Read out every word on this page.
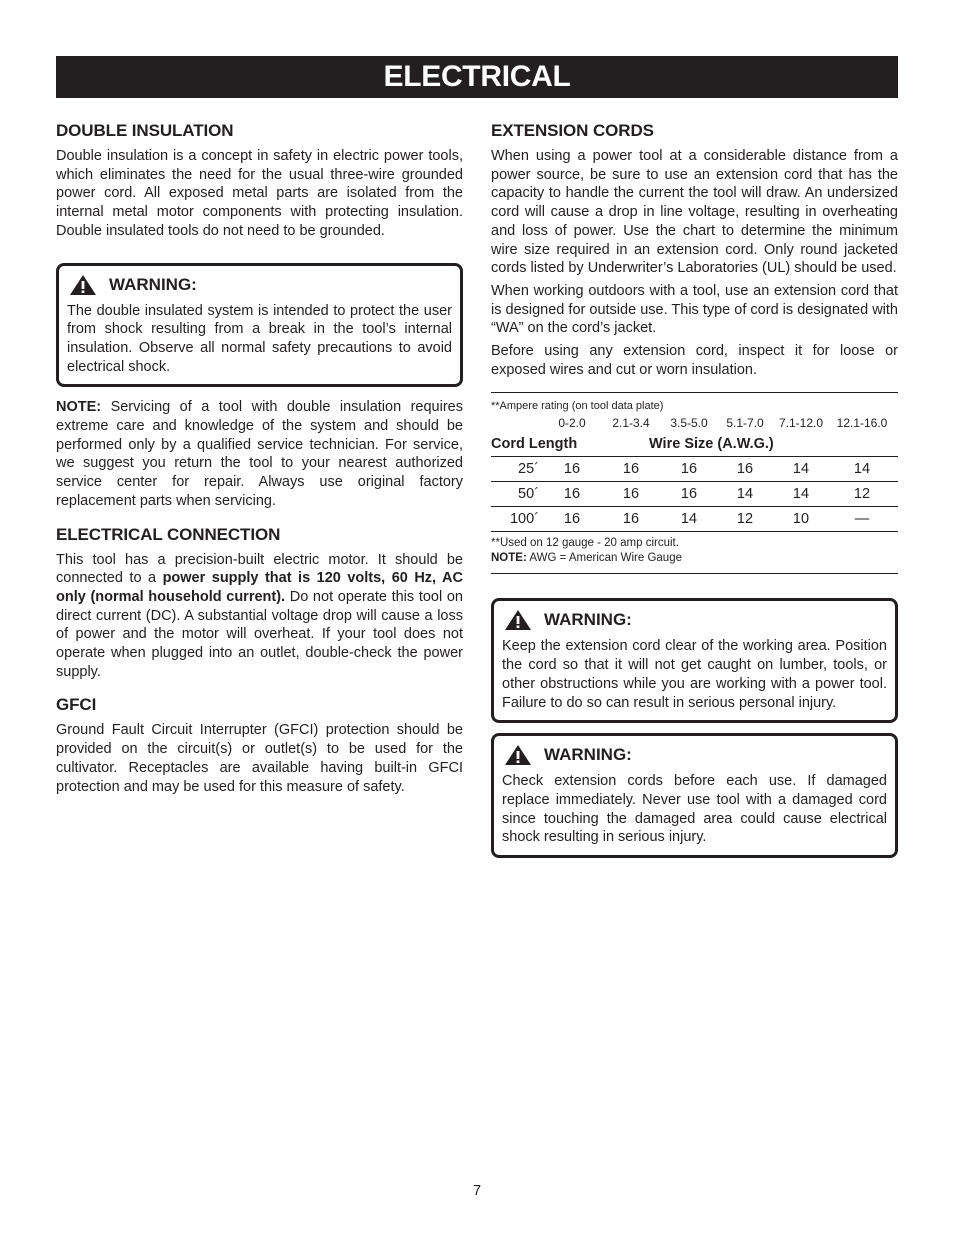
ELECTRICAL
DOUBLE INSULATION

Double insulation is a concept in safety in electric power tools, which eliminates the need for the usual three-wire grounded power cord. All exposed metal parts are isolated from the internal metal motor components with protecting insulation. Double insulated tools do not need to be grounded.

WARNING:

The double insulated system is intended to protect the user from shock resulting from a break in the tool’s internal insulation. Observe all normal safety precautions to avoid electrical shock.

NOTE: Servicing of a tool with double insulation requires extreme care and knowledge of the system and should be performed only by a qualified service technician. For service, we suggest you return the tool to your nearest authorized service center for repair. Always use original factory replacement parts when servicing.

ELECTRICAL CONNECTION

This tool has a precision-built electric motor. It should be connected to a power supply that is 120 volts, 60 Hz, AC only (normal household current). Do not operate this tool on direct current (DC). A substantial voltage drop will cause a loss of power and the motor will overheat. If your tool does not operate when plugged into an outlet, double-check the power supply.

GFCI

Ground Fault Circuit Interrupter (GFCI) protection should be provided on the circuit(s) or outlet(s) to be used for the cultivator. Receptacles are available having built-in GFCI protection and may be used for this measure of safety.

EXTENSION CORDS

When using a power tool at a considerable distance from a power source, be sure to use an extension cord that has the capacity to handle the current the tool will draw. An undersized cord will cause a drop in line voltage, resulting in overheating and loss of power. Use the chart to determine the minimum wire size required in an extension cord. Only round jacketed cords listed by Underwriter’s Laboratories (UL) should be used.

When working outdoors with a tool, use an extension cord that is designed for outside use. This type of cord is designated with “WA” on the cord’s jacket.

Before using any extension cord, inspect it for loose or exposed wires and cut or worn insulation.

**Ampere rating (on tool data plate)
0-2.0	2.1-3.4	3.5-5.0	5.1-7.0	7.1-12.0	12.1-16.0
Cord Length	Wire Size (A.W.G.)
25´	16	16	16	16	14	14
50´	16	16	16	14	14	12
100´	16	16	14	12	10	—
**Used on 12 gauge - 20 amp circuit.
NOTE: AWG = American Wire Gauge
WARNING:

Keep the extension cord clear of the working area. Position the cord so that it will not get caught on lumber, tools, or other obstructions while you are working with a power tool. Failure to do so can result in serious personal injury.

WARNING:

Check extension cords before each use. If damaged replace immediately. Never use tool with a damaged cord since touching the damaged area could cause electrical shock resulting in serious injury.

7
